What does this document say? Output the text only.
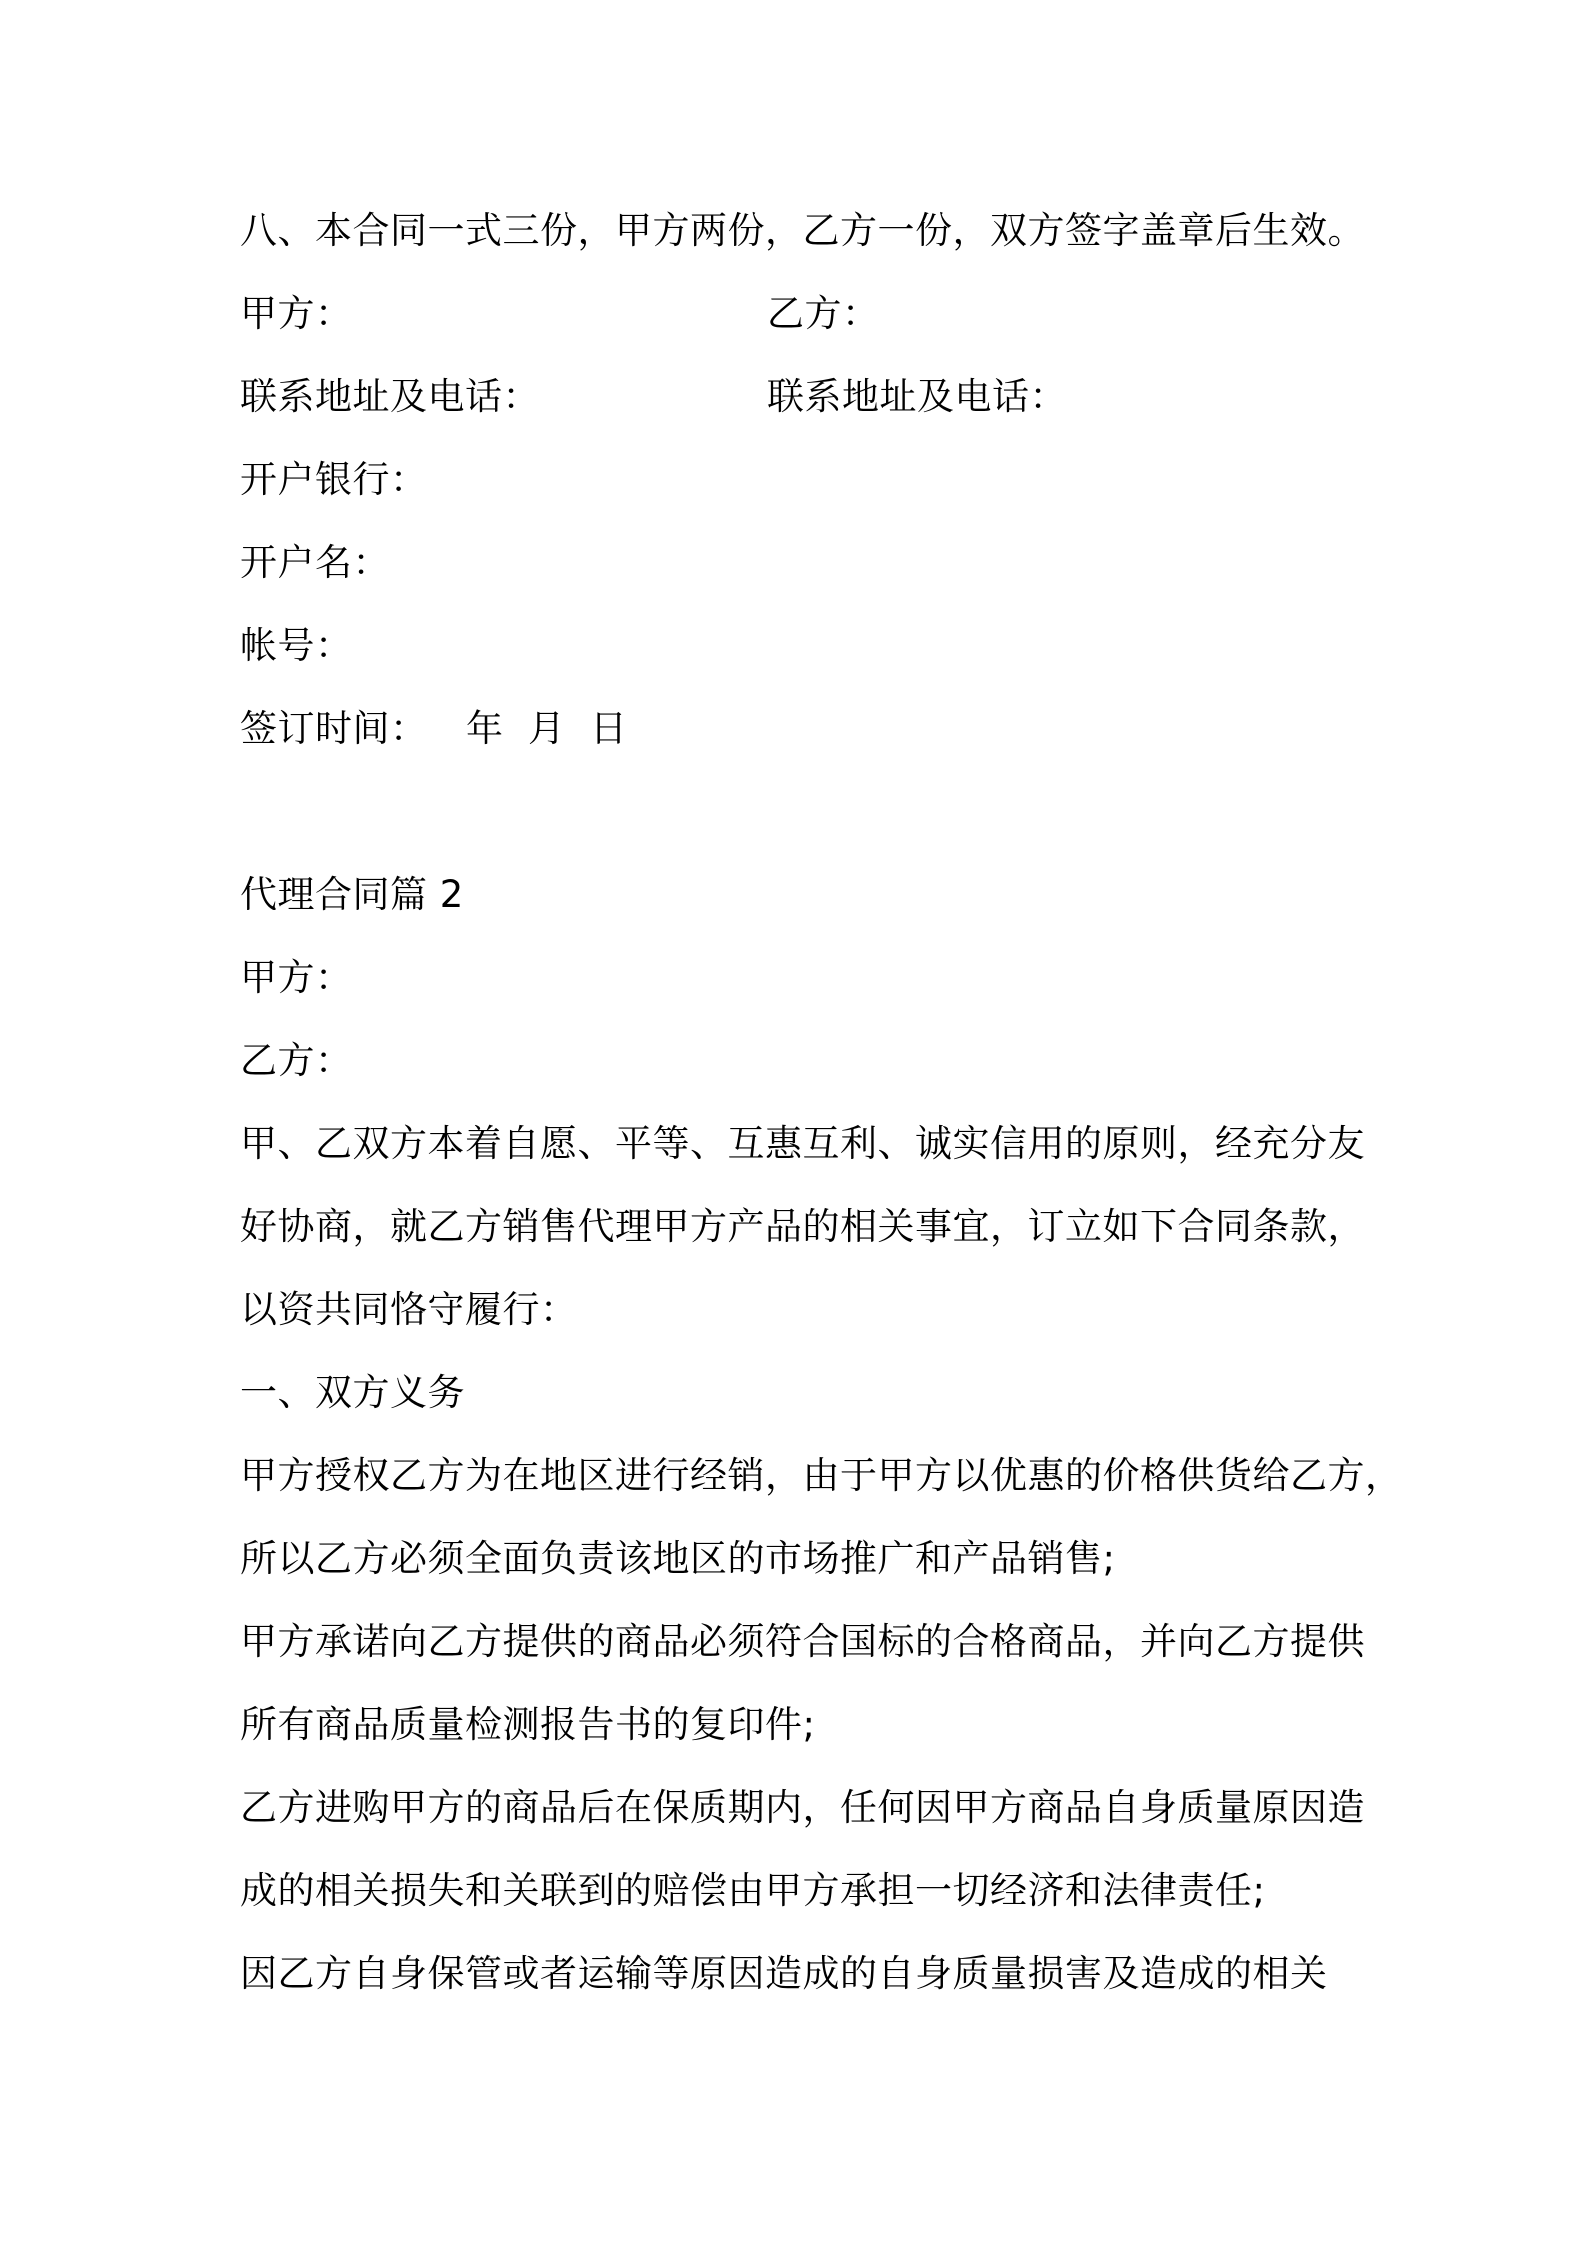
八、本合同一式三份，甲方两份，乙方一份，双方签字盖章后生效。
甲方：	乙方：
联系地址及电话：	联系地址及电话：
开户银行：
开户名：
帐号：
签订时间： 年  月  日
代理合同篇 2
甲方：
乙方：
甲、乙双方本着自愿、平等、互惠互利、诚实信用的原则，经充分友
好协商，就乙方销售代理甲方产品的相关事宜，订立如下合同条款，
以资共同恪守履行：
一、双方义务
甲方授权乙方为在地区进行经销，由于甲方以优惠的价格供货给乙方，
所以乙方必须全面负责该地区的市场推广和产品销售;
甲方承诺向乙方提供的商品必须符合国标的合格商品，并向乙方提供
所有商品质量检测报告书的复印件;
乙方进购甲方的商品后在保质期内，任何因甲方商品自身质量原因造
成的相关损失和关联到的赔偿由甲方承担一切经济和法律责任;
因乙方自身保管或者运输等原因造成的自身质量损害及造成的相关
